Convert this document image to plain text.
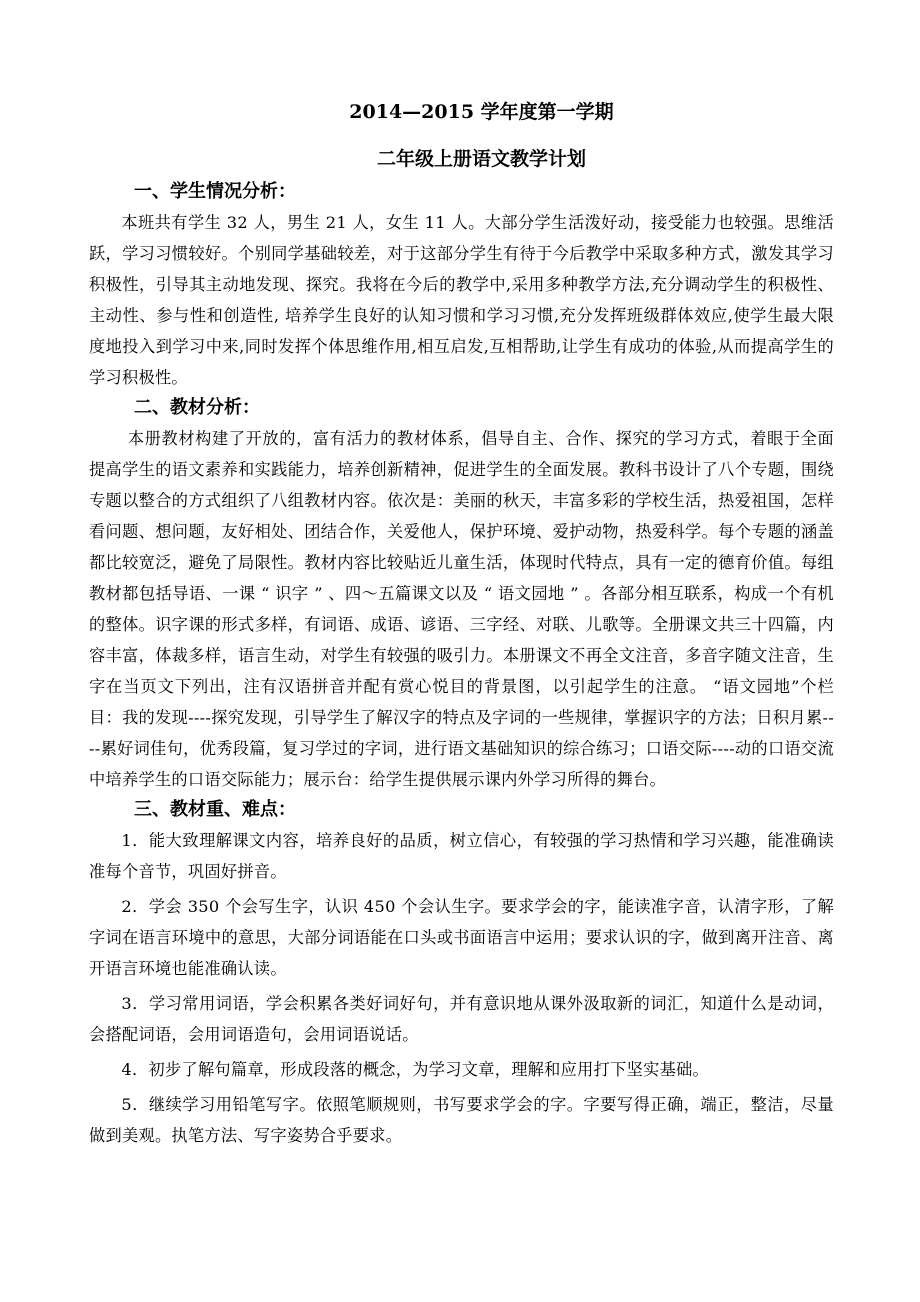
2014—2015 学年度第一学期

二年级上册语文教学计划

一、学生情况分析：

本班共有学生 32 人，男生 21 人，女生 11 人。大部分学生活泼好动，接受能力也较强。思维活跃，学习习惯较好。个别同学基础较差，对于这部分学生有待于今后教学中采取多种方式，激发其学习积极性，引导其主动地发现、探究。我将在今后的教学中,采用多种教学方法,充分调动学生的积极性、主动性、参与性和创造性, 培养学生良好的认知习惯和学习习惯,充分发挥班级群体效应,使学生最大限度地投入到学习中来,同时发挥个体思维作用,相互启发,互相帮助,让学生有成功的体验,从而提高学生的学习积极性。

二、教材分析：

本册教材构建了开放的，富有活力的教材体系，倡导自主、合作、探究的学习方式，着眼于全面提高学生的语文素养和实践能力，培养创新精神，促进学生的全面发展。教科书设计了八个专题，围绕专题以整合的方式组织了八组教材内容。依次是：美丽的秋天，丰富多彩的学校生活，热爱祖国，怎样看问题、想问题，友好相处、团结合作，关爱他人，保护环境、爱护动物，热爱科学。每个专题的涵盖都比较宽泛，避免了局限性。教材内容比较贴近儿童生活，体现时代特点，具有一定的德育价值。每组教材都包括导语、一课 “ 识字 ” 、四～五篇课文以及 “ 语文园地 ” 。各部分相互联系，构成一个有机的整体。识字课的形式多样，有词语、成语、谚语、三字经、对联、儿歌等。全册课文共三十四篇，内容丰富，体裁多样，语言生动，对学生有较强的吸引力。本册课文不再全文注音，多音字随文注音，生字在当页文下列出，注有汉语拼音并配有赏心悦目的背景图，以引起学生的注意。 “语文园地”个栏目：我的发现----探究发现，引导学生了解汉字的特点及字词的一些规律，掌握识字的方法；日积月累----累好词佳句，优秀段篇，复习学过的字词，进行语文基础知识的综合练习；口语交际----动的口语交流中培养学生的口语交际能力；展示台：给学生提供展示课内外学习所得的舞台。

三、教材重、难点：

1．能大致理解课文内容，培养良好的品质，树立信心，有较强的学习热情和学习兴趣，能准确读准每个音节，巩固好拼音。

2．学会 350 个会写生字，认识 450 个会认生字。要求学会的字，能读准字音，认清字形，了解字词在语言环境中的意思，大部分词语能在口头或书面语言中运用；要求认识的字，做到离开注音、离开语言环境也能准确认读。

3．学习常用词语，学会积累各类好词好句，并有意识地从课外汲取新的词汇，知道什么是动词，会搭配词语，会用词语造句，会用词语说话。

4．初步了解句篇章，形成段落的概念，为学习文章，理解和应用打下坚实基础。

5．继续学习用铅笔写字。依照笔顺规则，书写要求学会的字。字要写得正确，端正，整洁，尽量做到美观。执笔方法、写字姿势合乎要求。
